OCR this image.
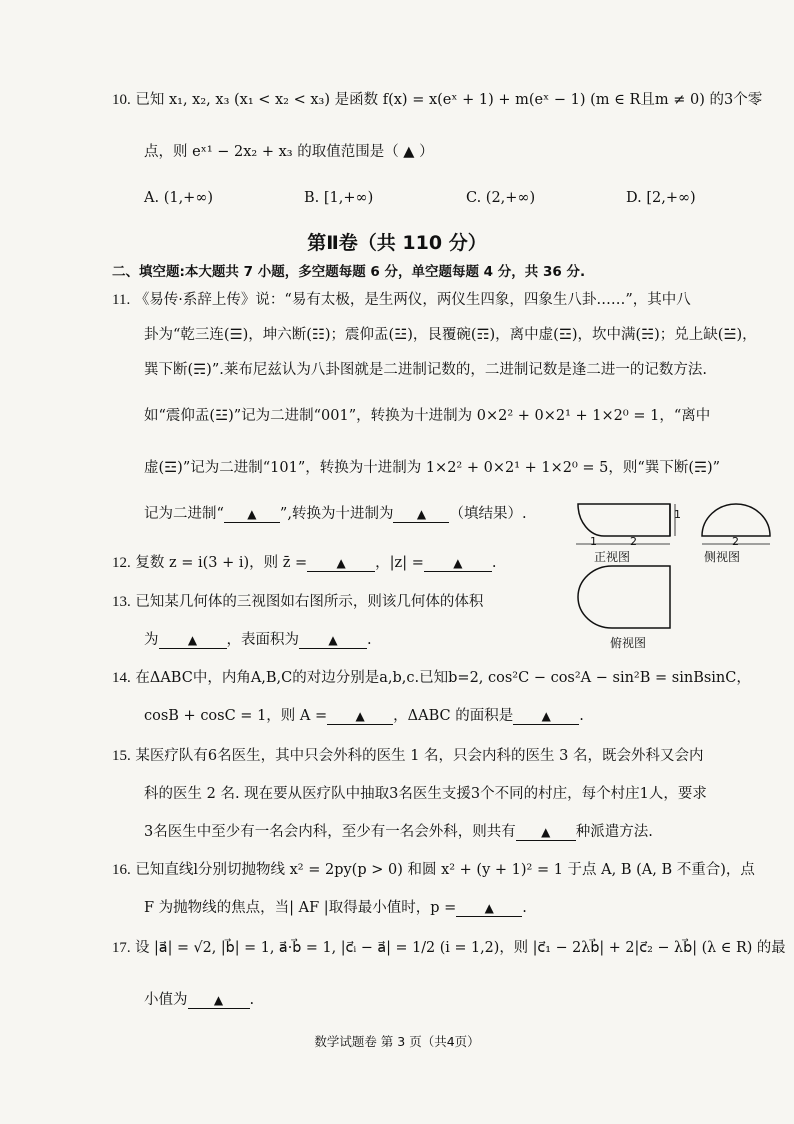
10. 已知 x₁, x₂, x₃ (x₁ < x₂ < x₃) 是函数 f(x) = x(eˣ + 1) + m(eˣ − 1) (m ∈ R且m ≠ 0) 的3个零
点，则 eˣ¹ − 2x₂ + x₃ 的取值范围是（ ▲ ）
A. (1,+∞)	B. [1,+∞)	C. (2,+∞)	D. [2,+∞)
第Ⅱ卷（共 110 分）
二、填空题:本大题共 7 小题，多空题每题 6 分，单空题每题 4 分，共 36 分.
11. 《易传·系辞上传》说：“易有太极，是生两仪，两仪生四象，四象生八卦……”，其中八
卦为“乾三连(☰)，坤六断(☷)；震仰盂(☳)，艮覆碗(☶)，离中虚(☲)，坎中满(☵)；兑上缺(☱)，
巽下断(☴)”.莱布尼兹认为八卦图就是二进制记数的，二进制记数是逢二进一的记数方法.
如“震仰盂(☳)”记为二进制“001”，转换为十进制为 0×2² + 0×2¹ + 1×2⁰ = 1，“离中
虚(☲)”记为二进制“101”，转换为十进制为 1×2² + 0×2¹ + 1×2⁰ = 5，则“巽下断(☴)”
记为二进制“ ▲ ”,转换为十进制为 ▲ （填结果）.	1
1	2
正视图
2
侧视图
俯视图
12. 复数 z = i(3 + i)，则 z̄ = ▲ ，|z| = ▲ .
13. 已知某几何体的三视图如右图所示，则该几何体的体积
为 ▲ ，表面积为 ▲ .
14. 在ΔABC中，内角A,B,C的对边分别是a,b,c.已知b=2, cos²C − cos²A − sin²B = sinBsinC，
cosB + cosC = 1，则 A = ▲ ，ΔABC 的面积是 ▲ .
15. 某医疗队有6名医生，其中只会外科的医生 1 名，只会内科的医生 3 名，既会外科又会内
科的医生 2 名. 现在要从医疗队中抽取3名医生支援3个不同的村庄，每个村庄1人，要求
3名医生中至少有一名会内科，至少有一名会外科，则共有 ▲ 种派遣方法.
16. 已知直线l分别切抛物线 x² = 2py(p > 0) 和圆 x² + (y + 1)² = 1 于点 A, B (A, B 不重合)，点
F 为抛物线的焦点，当| AF |取得最小值时，p = ▲ .
17. 设 |a⃗| = √2, |b⃗| = 1, a⃗·b⃗ = 1, |c⃗ᵢ − a⃗| = 1/2 (i = 1,2)，则 |c⃗₁ − 2λb⃗| + 2|c⃗₂ − λb⃗| (λ ∈ R) 的最
小值为 ▲ .
数学试题卷 第 3 页（共4页）
